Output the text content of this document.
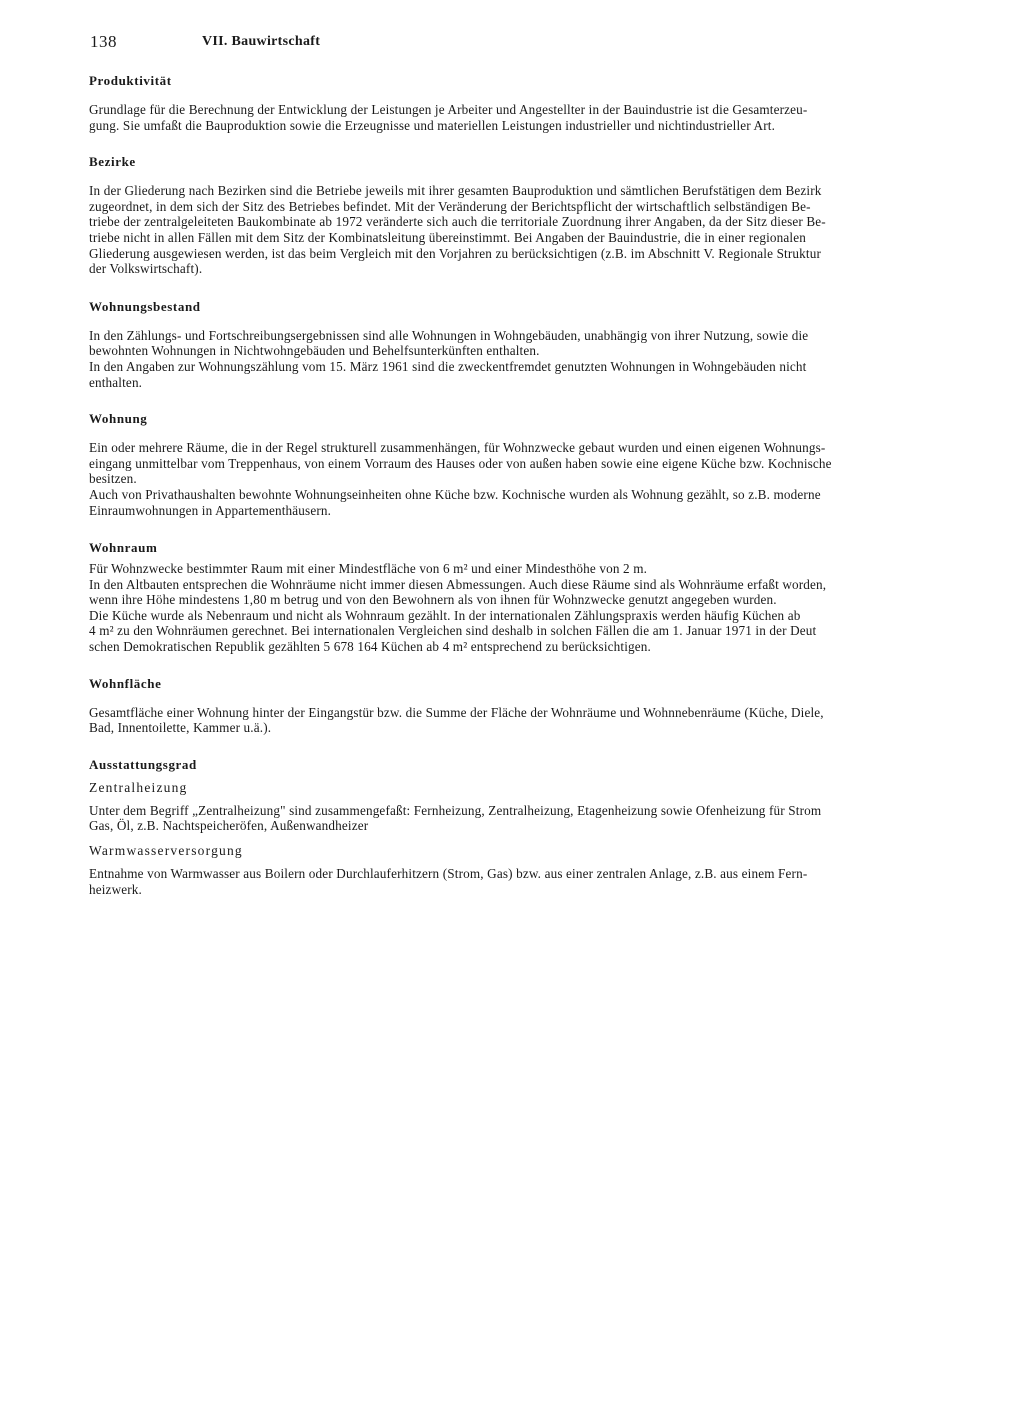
138	VII. Bauwirtschaft
Produktivität
Grundlage für die Berechnung der Entwicklung der Leistungen je Arbeiter und Angestellter in der Bauindustrie ist die Gesamterzeu-
gung. Sie umfaßt die Bauproduktion sowie die Erzeugnisse und materiellen Leistungen industrieller und nichtindustrieller Art.
Bezirke
In der Gliederung nach Bezirken sind die Betriebe jeweils mit ihrer gesamten Bauproduktion und sämtlichen Berufstätigen dem Bezirk
zugeordnet, in dem sich der Sitz des Betriebes befindet. Mit der Veränderung der Berichtspflicht der wirtschaftlich selbständigen Be-
triebe der zentralgeleiteten Baukombinate ab 1972 veränderte sich auch die territoriale Zuordnung ihrer Angaben, da der Sitz dieser Be-
triebe nicht in allen Fällen mit dem Sitz der Kombinatsleitung übereinstimmt. Bei Angaben der Bauindustrie, die in einer regionalen
Gliederung ausgewiesen werden, ist das beim Vergleich mit den Vorjahren zu berücksichtigen (z.B. im Abschnitt V. Regionale Struktur
der Volkswirtschaft).
Wohnungsbestand
In den Zählungs- und Fortschreibungsergebnissen sind alle Wohnungen in Wohngebäuden, unabhängig von ihrer Nutzung, sowie die
bewohnten Wohnungen in Nichtwohngebäuden und Behelfsunterkünften enthalten.
In den Angaben zur Wohnungszählung vom 15. März 1961 sind die zweckentfremdet genutzten Wohnungen in Wohngebäuden nicht
enthalten.
Wohnung
Ein oder mehrere Räume, die in der Regel strukturell zusammenhängen, für Wohnzwecke gebaut wurden und einen eigenen Wohnungs-
eingang unmittelbar vom Treppenhaus, von einem Vorraum des Hauses oder von außen haben sowie eine eigene Küche bzw. Kochnische
besitzen.
Auch von Privathaushalten bewohnte Wohnungseinheiten ohne Küche bzw. Kochnische wurden als Wohnung gezählt, so z.B. moderne
Einraumwohnungen in Appartementhäusern.
Wohnraum
Für Wohnzwecke bestimmter Raum mit einer Mindestfläche von 6 m² und einer Mindesthöhe von 2 m.
In den Altbauten entsprechen die Wohnräume nicht immer diesen Abmessungen. Auch diese Räume sind als Wohnräume erfaßt worden,
wenn ihre Höhe mindestens 1,80 m betrug und von den Bewohnern als von ihnen für Wohnzwecke genutzt angegeben wurden.
Die Küche wurde als Nebenraum und nicht als Wohnraum gezählt. In der internationalen Zählungspraxis werden häufig Küchen ab
4 m² zu den Wohnräumen gerechnet. Bei internationalen Vergleichen sind deshalb in solchen Fällen die am 1. Januar 1971 in der Deut
schen Demokratischen Republik gezählten 5 678 164 Küchen ab 4 m² entsprechend zu berücksichtigen.
Wohnfläche
Gesamtfläche einer Wohnung hinter der Eingangstür bzw. die Summe der Fläche der Wohnräume und Wohnnebenräume (Küche, Diele,
Bad, Innentoilette, Kammer u.ä.).
Ausstattungsgrad
Zentralheizung
Unter dem Begriff „Zentralheizung" sind zusammengefaßt: Fernheizung, Zentralheizung, Etagenheizung sowie Ofenheizung für Strom
Gas, Öl, z.B. Nachtspeicheröfen, Außenwandheizer
Warmwasserversorgung
Entnahme von Warmwasser aus Boilern oder Durchlauferhitzern (Strom, Gas) bzw. aus einer zentralen Anlage, z.B. aus einem Fern-
heizwerk.
